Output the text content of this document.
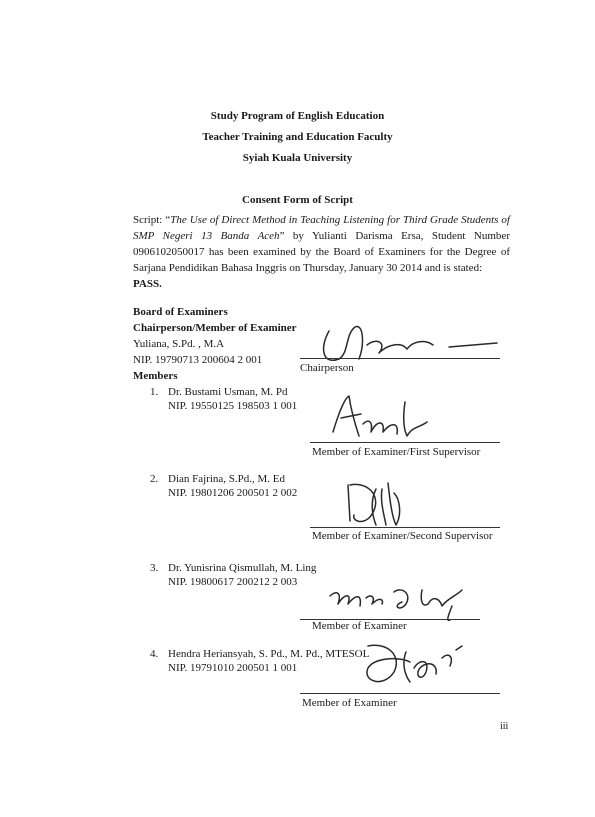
Study Program of English Education
Teacher Training and Education Faculty
Syiah Kuala University
Consent Form of Script
Script: “The Use of Direct Method in Teaching Listening for Third Grade Students of SMP Negeri 13 Banda Aceh” by Yulianti Darisma Ersa, Student Number 0906102050017 has been examined by the Board of Examiners for the Degree of Sarjana Pendidikan Bahasa Inggris on Thursday, January 30 2014 and is stated:
PASS.
Board of Examiners
Chairperson/Member of Examiner
Yuliana, S.Pd. , M.A
NIP. 19790713 200604 2 001
Members
Chairperson
1. Dr. Bustami Usman, M. Pd
NIP. 19550125 198503 1 001
Member of Examiner/First Supervisor
2. Dian Fajrina, S.Pd., M. Ed
NIP. 19801206 200501 2 002
Member of Examiner/Second Supervisor
3. Dr. Yunisrina Qismullah, M. Ling
NIP. 19800617 200212 2 003
Member of Examiner
4. Hendra Heriansyah, S. Pd., M. Pd., MTESOL
NIP. 19791010 200501 1 001
Member of Examiner
iii
